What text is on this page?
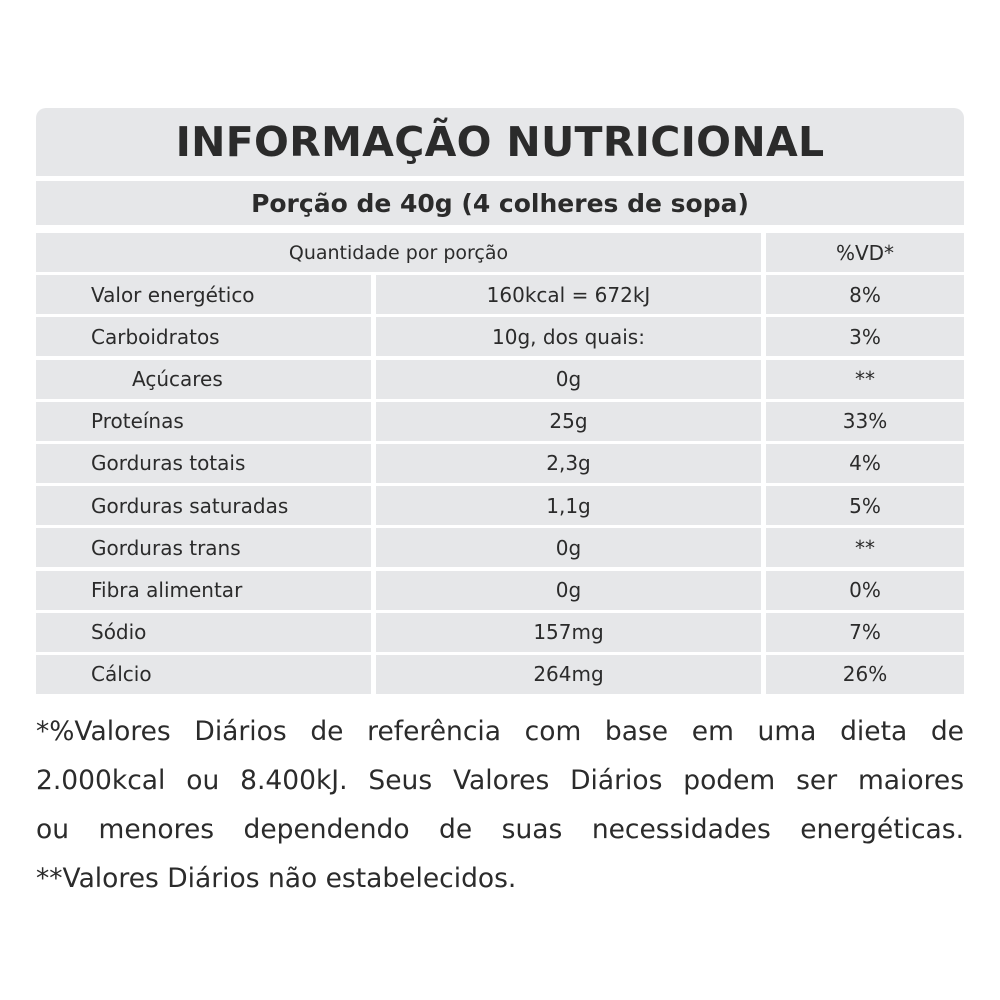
INFORMAÇÃO NUTRICIONAL
Porção de 40g (4 colheres de sopa)
Quantidade por porção	%VD*
Valor energético	160kcal = 672kJ	8%
Carboidratos	10g, dos quais:	3%
Açúcares	0g	**
Proteínas	25g	33%
Gorduras totais	2,3g	4%
Gorduras saturadas	1,1g	5%
Gorduras trans	0g	**
Fibra alimentar	0g	0%
Sódio	157mg	7%
Cálcio	264mg	26%

*%Valores Diários de referência com base em uma dieta de

2.000kcal ou 8.400kJ. Seus Valores Diários podem ser maiores

ou menores dependendo de suas necessidades energéticas.

**Valores Diários não estabelecidos.
